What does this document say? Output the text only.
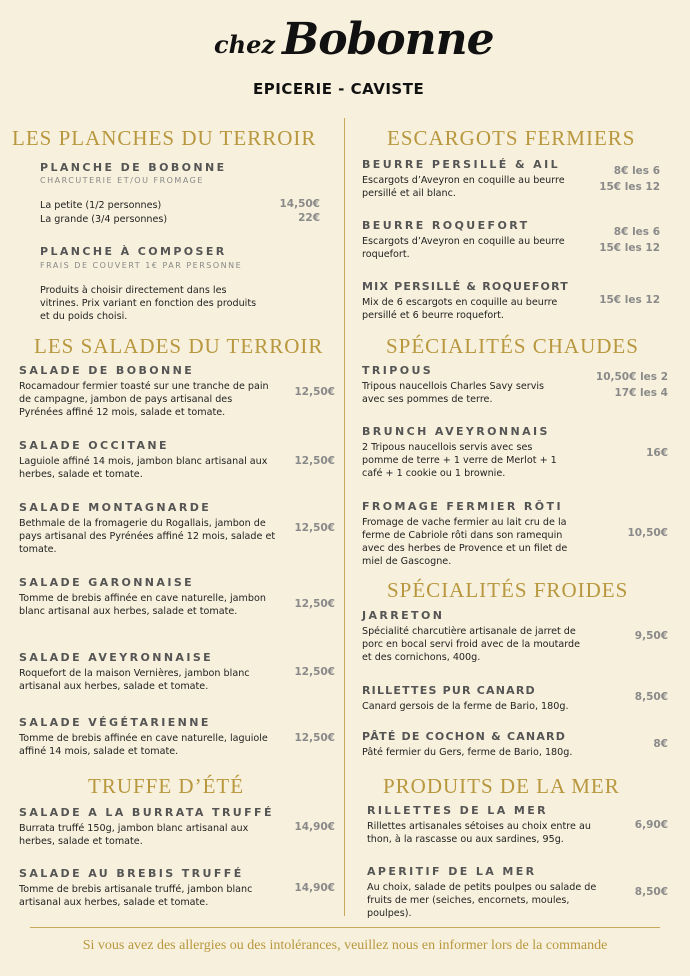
chez Bobonne
EPICERIE - CAVISTE
LES PLANCHES DU TERROIR
PLANCHE DE BOBONNE
CHARCUTERIE ET/OU FROMAGE
La petite (1/2 personnes)	14,50€
La grande (3/4 personnes)	22€
PLANCHE À COMPOSER
FRAIS DE COUVERT 1€ PAR PERSONNE
Produits à choisir directement dans les vitrines. Prix variant en fonction des produits et du poids choisi.
LES SALADES DU TERROIR
SALADE DE BOBONNE
Rocamadour fermier toasté sur une tranche de pain de campagne, jambon de pays artisanal des Pyrénées affiné 12 mois, salade et tomate.
12,50€
SALADE OCCITANE
Laguiole affiné 14 mois, jambon blanc artisanal aux herbes, salade et tomate.
12,50€
SALADE MONTAGNARDE
Bethmale de la fromagerie du Rogallais, jambon de pays artisanal des Pyrénées affiné 12 mois, salade et tomate.
12,50€
SALADE GARONNAISE
Tomme de brebis affinée en cave naturelle, jambon blanc artisanal aux herbes, salade et tomate.
12,50€
SALADE AVEYRONNAISE
Roquefort de la maison Vernières, jambon blanc artisanal aux herbes, salade et tomate.
12,50€
SALADE VÉGÉTARIENNE
Tomme de brebis affinée en cave naturelle, laguiole affiné 14 mois, salade et tomate.
12,50€
TRUFFE D’ÉTÉ
SALADE A LA BURRATA TRUFFÉ
Burrata truffé 150g, jambon blanc artisanal aux herbes, salade et tomate.
14,90€
SALADE AU BREBIS TRUFFÉ
Tomme de brebis artisanale truffé, jambon blanc artisanal aux herbes, salade et tomate.
14,90€
ESCARGOTS FERMIERS
BEURRE PERSILLÉ & AIL
Escargots d’Aveyron en coquille au beurre persillé et ail blanc.
8€ les 6
15€ les 12
BEURRE ROQUEFORT
Escargots d’Aveyron en coquille au beurre roquefort.
8€ les 6
15€ les 12
MIX PERSILLÉ & ROQUEFORT
Mix de 6 escargots en coquille au beurre persillé et 6 beurre roquefort.
15€ les 12
SPÉCIALITÉS CHAUDES
TRIPOUS
Tripous naucellois Charles Savy servis avec ses pommes de terre.
10,50€ les 2
17€ les 4
BRUNCH AVEYRONNAIS
2 Tripous naucellois servis avec ses pomme de terre + 1 verre de Merlot + 1 café + 1 cookie ou 1 brownie.
16€
FROMAGE FERMIER RÔTI
Fromage de vache fermier au lait cru de la ferme de Cabriole rôti dans son ramequin avec des herbes de Provence et un filet de miel de Gascogne.
10,50€
SPÉCIALITÉS FROIDES
JARRETON
Spécialité charcutière artisanale de jarret de porc en bocal servi froid avec de la moutarde et des cornichons, 400g.
9,50€
RILLETTES PUR CANARD
Canard gersois de la ferme de Bario, 180g.
8,50€
PÂTÉ DE COCHON & CANARD
Pâté fermier du Gers, ferme de Bario, 180g.
8€
PRODUITS DE LA MER
RILLETTES DE LA MER
Rillettes artisanales sétoises au choix entre au thon, à la rascasse ou aux sardines, 95g.
6,90€
APERITIF DE LA MER
Au choix, salade de petits poulpes ou salade de fruits de mer (seiches, encornets, moules, poulpes).
8,50€
Si vous avez des allergies ou des intolérances, veuillez nous en informer lors de la commande
